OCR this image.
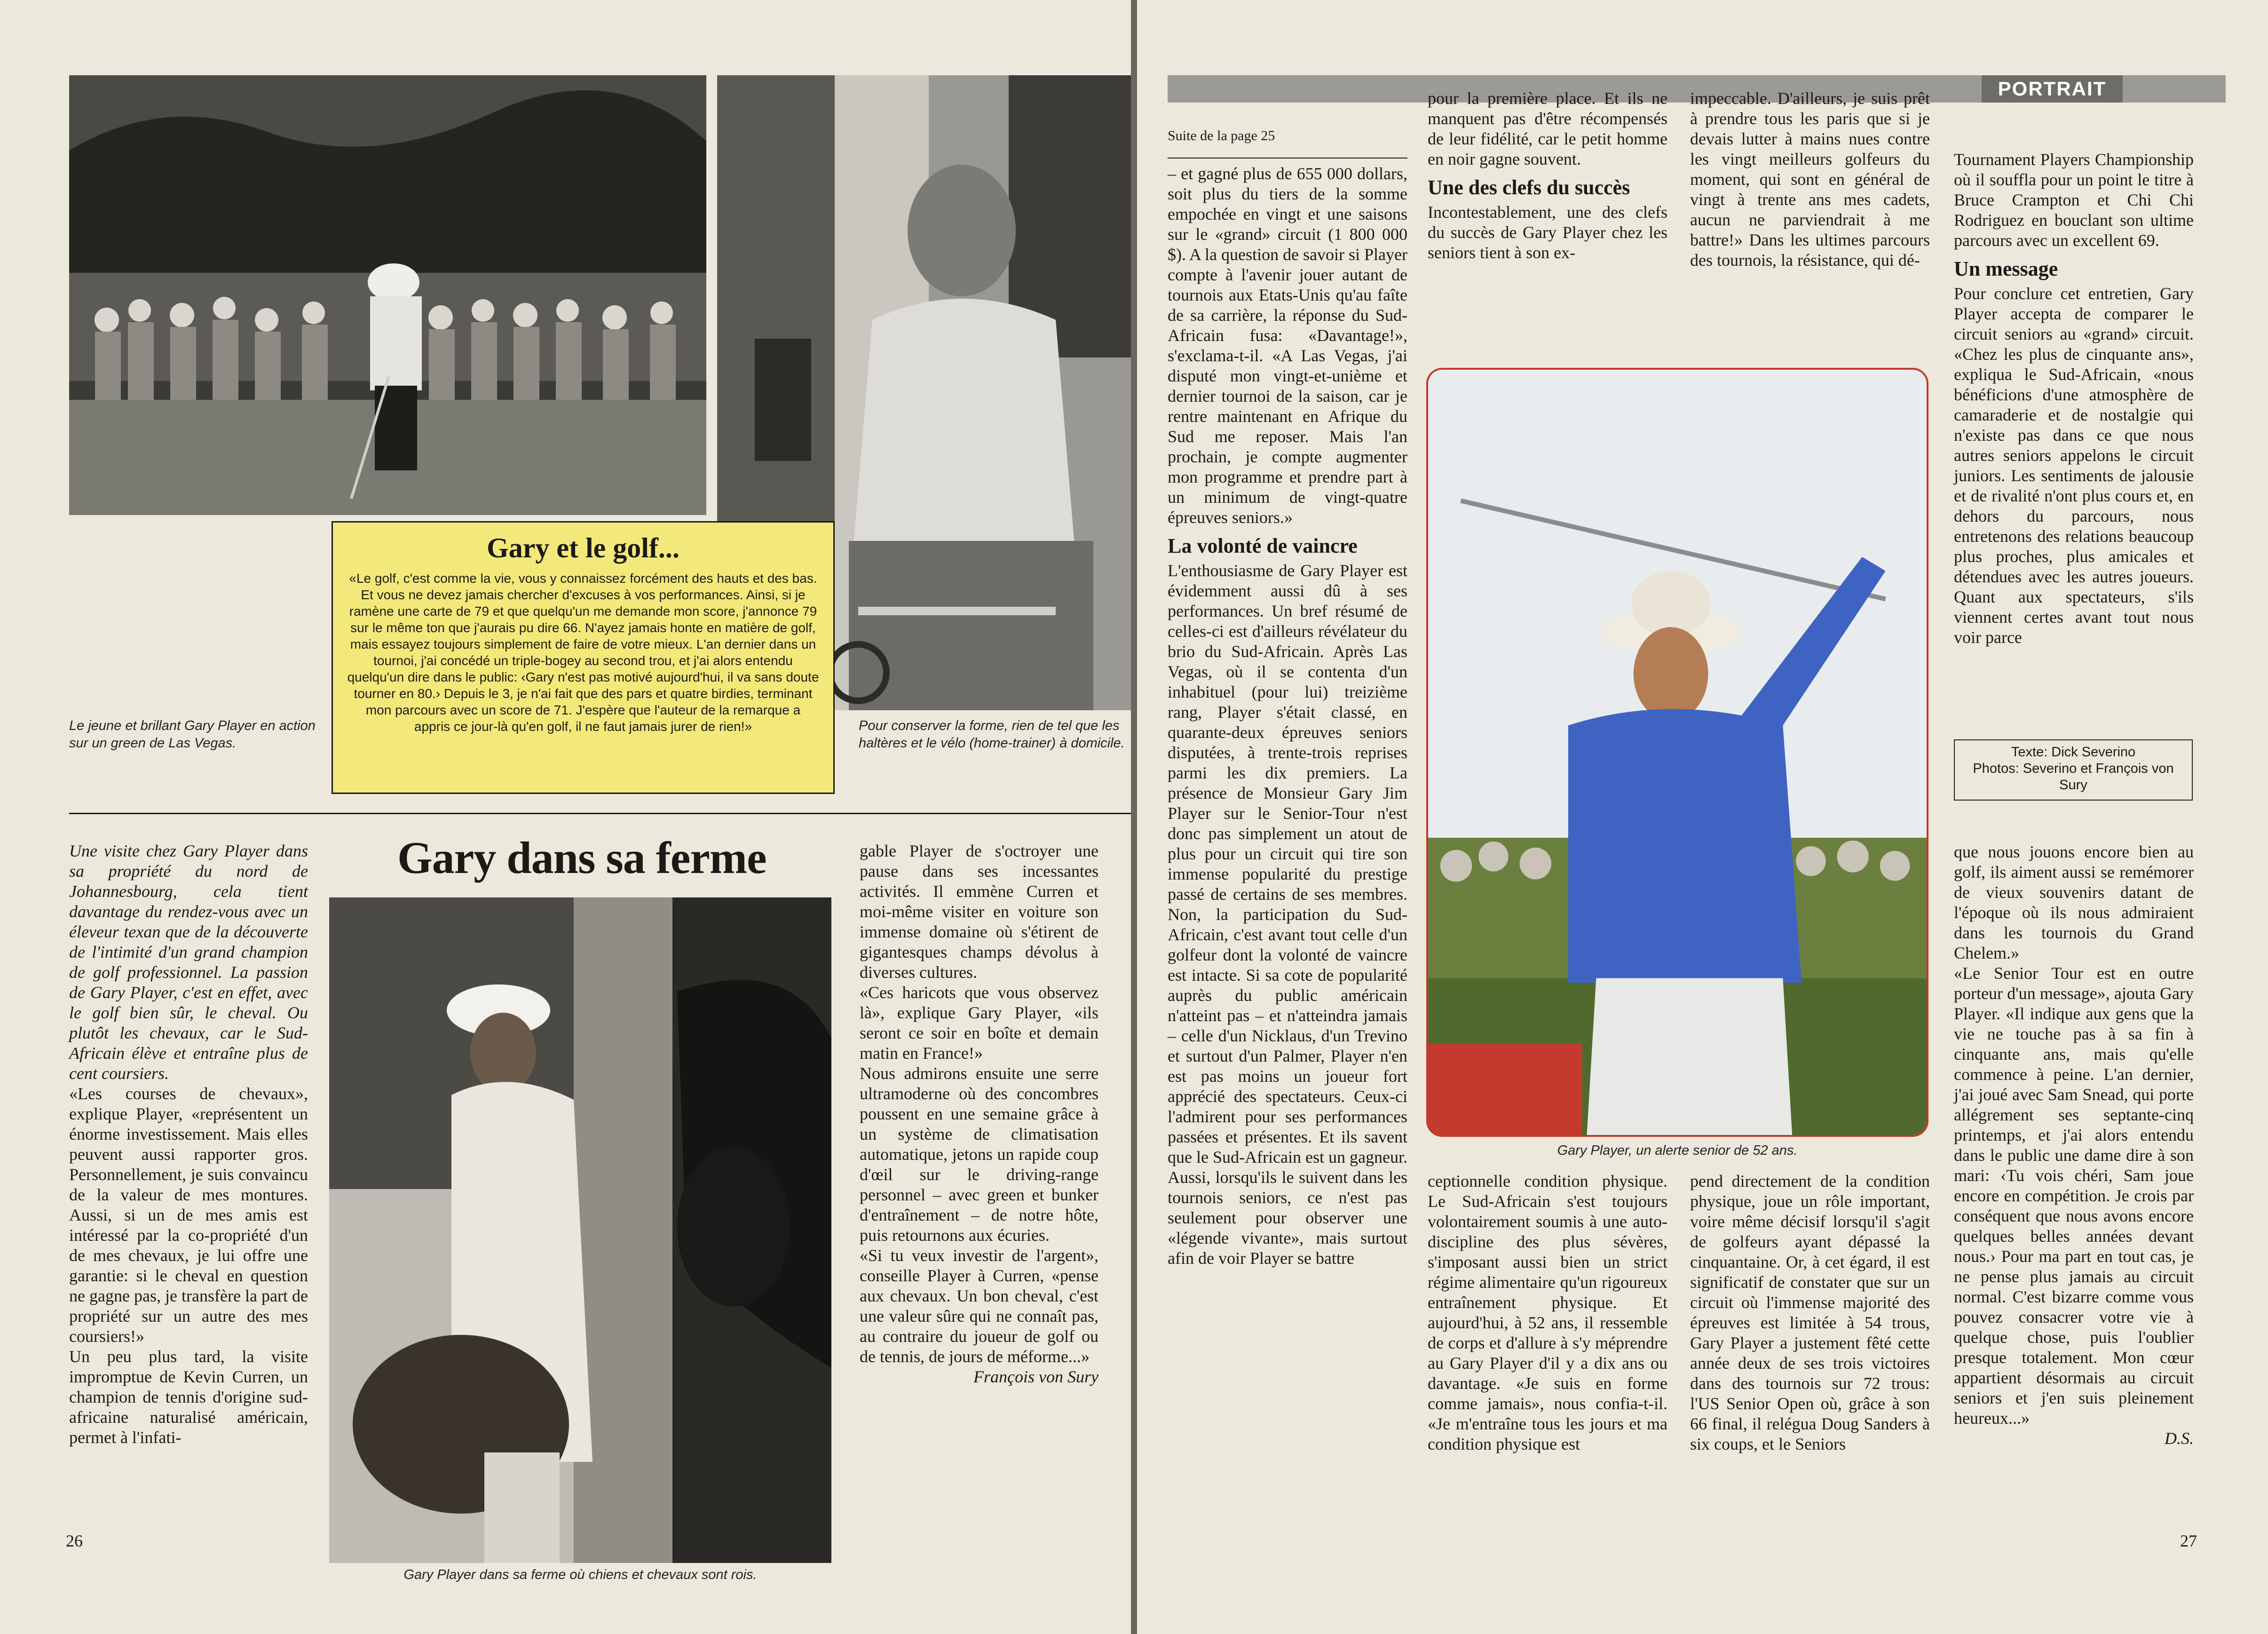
Pour conserver la forme, rien de tel que les haltères et le vélo (home-trainer) à domicile.
Gary et le golf...
«Le golf, c'est comme la vie, vous y connaissez forcément des hauts et des bas. Et vous ne devez jamais chercher d'excuses à vos performances. Ainsi, si je ramène une carte de 79 et que quelqu'un me demande mon score, j'annonce 79 sur le même ton que j'aurais pu dire 66. N'ayez jamais honte en matière de golf, mais essayez toujours simplement de faire de votre mieux. L'an dernier dans un tournoi, j'ai concédé un triple-bogey au second trou, et j'ai alors entendu quelqu'un dire dans le public: ‹Gary n'est pas motivé aujourd'hui, il va sans doute tourner en 80.› Depuis le 3, je n'ai fait que des pars et quatre birdies, terminant mon parcours avec un score de 71. J'espère que l'auteur de la remarque a appris ce jour-là qu'en golf, il ne faut jamais jurer de rien!»
Le jeune et brillant Gary Player en action sur un green de Las Vegas.
Gary dans sa ferme

Une visite chez Gary Player dans sa propriété du nord de Johannesbourg, cela tient davantage du rendez-vous avec un éleveur texan que de la découverte de l'intimité d'un grand champion de golf professionnel. La passion de Gary Player, c'est en effet, avec le golf bien sûr, le cheval. Ou plutôt les chevaux, car le Sud-Africain élève et entraîne plus de cent coursiers.

«Les courses de chevaux», explique Player, «représentent un énorme investissement. Mais elles peuvent aussi rapporter gros. Personnellement, je suis convaincu de la valeur de mes montures. Aussi, si un de mes amis est intéressé par la co-propriété d'un de mes chevaux, je lui offre une garantie: si le cheval en question ne gagne pas, je transfère la part de propriété sur un autre des mes coursiers!»

Un peu plus tard, la visite impromptue de Kevin Curren, un champion de tennis d'origine sud-africaine naturalisé américain, permet à l'infati-

Gary Player dans sa ferme où chiens et chevaux sont rois.

gable Player de s'octroyer une pause dans ses incessantes activités. Il emmène Curren et moi-même visiter en voiture son immense domaine où s'étirent de gigantesques champs dévolus à diverses cultures.

«Ces haricots que vous observez là», explique Gary Player, «ils seront ce soir en boîte et demain matin en France!»

Nous admirons ensuite une serre ultramoderne où des concombres poussent en une semaine grâce à un système de climatisation automatique, jetons un rapide coup d'œil sur le driving-range personnel – avec green et bunker d'entraînement – de notre hôte, puis retournons aux écuries.

«Si tu veux investir de l'argent», conseille Player à Curren, «pense aux chevaux. Un bon cheval, c'est une valeur sûre qui ne connaît pas, au contraire du joueur de golf ou de tennis, de jours de méforme...»

François von Sury

26
PORTRAIT
Suite de la page 25

– et gagné plus de 655 000 dollars, soit plus du tiers de la somme empochée en vingt et une saisons sur le «grand» circuit (1 800 000 $). A la question de savoir si Player compte à l'avenir jouer autant de tournois aux Etats-Unis qu'au faîte de sa carrière, la réponse du Sud-Africain fusa: «Davantage!», s'exclama-t-il. «A Las Vegas, j'ai disputé mon vingt-et-unième et dernier tournoi de la saison, car je rentre maintenant en Afrique du Sud me reposer. Mais l'an prochain, je compte augmenter mon programme et prendre part à un minimum de vingt-quatre épreuves seniors.»

La volonté de vaincre

L'enthousiasme de Gary Player est évidemment aussi dû à ses performances. Un bref résumé de celles-ci est d'ailleurs révélateur du brio du Sud-Africain. Après Las Vegas, où il se contenta d'un inhabituel (pour lui) treizième rang, Player s'était classé, en quarante-deux épreuves seniors disputées, à trente-trois reprises parmi les dix premiers. La présence de Monsieur Gary Jim Player sur le Senior-Tour n'est donc pas simplement un atout de plus pour un circuit qui tire son immense popularité du prestige passé de certains de ses membres. Non, la participation du Sud-Africain, c'est avant tout celle d'un golfeur dont la volonté de vaincre est intacte. Si sa cote de popularité auprès du public américain n'atteint pas – et n'atteindra jamais – celle d'un Nicklaus, d'un Trevino et surtout d'un Palmer, Player n'en est pas moins un joueur fort apprécié des spectateurs. Ceux-ci l'admirent pour ses performances passées et présentes. Et ils savent que le Sud-Africain est un gagneur. Aussi, lorsqu'ils le suivent dans les tournois seniors, ce n'est pas seulement pour observer une «légende vivante», mais surtout afin de voir Player se battre

pour la première place. Et ils ne manquent pas d'être récompensés de leur fidélité, car le petit homme en noir gagne souvent.

Une des clefs du succès

Incontestablement, une des clefs du succès de Gary Player chez les seniors tient à son ex-

impeccable. D'ailleurs, je suis prêt à prendre tous les paris que si je devais lutter à mains nues contre les vingt meilleurs golfeurs du moment, qui sont en général de vingt à trente ans mes cadets, aucun ne parviendrait à me battre!» Dans les ultimes parcours des tournois, la résistance, qui dé-

Gary Player, un alerte senior de 52 ans.

ceptionnelle condition physique. Le Sud-Africain s'est toujours volontairement soumis à une auto-discipline des plus sévères, s'imposant aussi bien un strict régime alimentaire qu'un rigoureux entraînement physique. Et aujourd'hui, à 52 ans, il ressemble de corps et d'allure à s'y méprendre au Gary Player d'il y a dix ans ou davantage. «Je suis en forme comme jamais», nous confia-t-il. «Je m'entraîne tous les jours et ma condition physique est

pend directement de la condition physique, joue un rôle important, voire même décisif lorsqu'il s'agit de golfeurs ayant dépassé la cinquantaine. Or, à cet égard, il est significatif de constater que sur un circuit où l'immense majorité des épreuves est limitée à 54 trous, Gary Player a justement fêté cette année deux de ses trois victoires dans des tournois sur 72 trous: l'US Senior Open où, grâce à son 66 final, il relégua Doug Sanders à six coups, et le Seniors

Tournament Players Championship où il souffla pour un point le titre à Bruce Crampton et Chi Chi Rodriguez en bouclant son ultime parcours avec un excellent 69.

Un message

Pour conclure cet entretien, Gary Player accepta de comparer le circuit seniors au «grand» circuit. «Chez les plus de cinquante ans», expliqua le Sud-Africain, «nous bénéficions d'une atmosphère de camaraderie et de nostalgie qui n'existe pas dans ce que nous autres seniors appelons le circuit juniors. Les sentiments de jalousie et de rivalité n'ont plus cours et, en dehors du parcours, nous entretenons des relations beaucoup plus proches, plus amicales et détendues avec les autres joueurs. Quant aux spectateurs, s'ils viennent certes avant tout nous voir parce

Texte: Dick Severino
Photos: Severino et François von Sury

que nous jouons encore bien au golf, ils aiment aussi se remémorer de vieux souvenirs datant de l'époque où ils nous admiraient dans les tournois du Grand Chelem.»

«Le Senior Tour est en outre porteur d'un message», ajouta Gary Player. «Il indique aux gens que la vie ne touche pas à sa fin à cinquante ans, mais qu'elle commence à peine. L'an dernier, j'ai joué avec Sam Snead, qui porte allégrement ses septante-cinq printemps, et j'ai alors entendu dans le public une dame dire à son mari: ‹Tu vois chéri, Sam joue encore en compétition. Je crois par conséquent que nous avons encore quelques belles années devant nous.› Pour ma part en tout cas, je ne pense plus jamais au circuit normal. C'est bizarre comme vous pouvez consacrer votre vie à quelque chose, puis l'oublier presque totalement. Mon cœur appartient désormais au circuit seniors et j'en suis pleinement heureux...»

D.S.

27
